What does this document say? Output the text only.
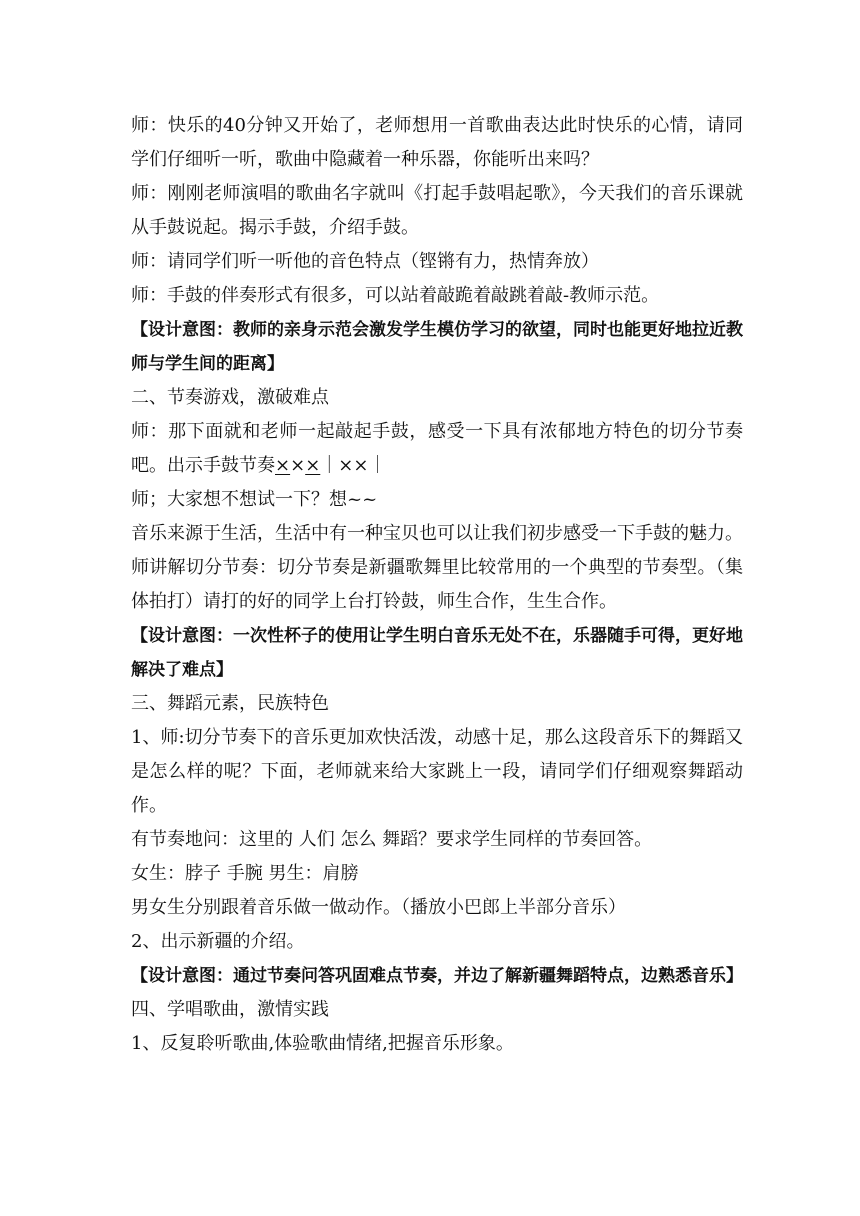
师：快乐的40分钟又开始了，老师想用一首歌曲表达此时快乐的心情，请同学们仔细听一听，歌曲中隐藏着一种乐器，你能听出来吗？

师：刚刚老师演唱的歌曲名字就叫《打起手鼓唱起歌》，今天我们的音乐课就从手鼓说起。揭示手鼓，介绍手鼓。

师：请同学们听一听他的音色特点（铿锵有力，热情奔放）

师：手鼓的伴奏形式有很多，可以站着敲跪着敲跳着敲-教师示范。

【设计意图：教师的亲身示范会激发学生模仿学习的欲望，同时也能更好地拉近教师与学生间的距离】

二、节奏游戏，激破难点

师：那下面就和老师一起敲起手鼓，感受一下具有浓郁地方特色的切分节奏吧。出示手鼓节奏×××｜××｜

师；大家想不想试一下？想~~

音乐来源于生活，生活中有一种宝贝也可以让我们初步感受一下手鼓的魅力。

师讲解切分节奏：切分节奏是新疆歌舞里比较常用的一个典型的节奏型。（集体拍打）请打的好的同学上台打铃鼓，师生合作，生生合作。

【设计意图：一次性杯子的使用让学生明白音乐无处不在，乐器随手可得，更好地解决了难点】

三、舞蹈元素，民族特色

1、师:切分节奏下的音乐更加欢快活泼，动感十足，那么这段音乐下的舞蹈又是怎么样的呢？下面，老师就来给大家跳上一段，请同学们仔细观察舞蹈动作。

有节奏地问：这里的 人们 怎么 舞蹈？要求学生同样的节奏回答。

女生：脖子 手腕 男生：肩膀

男女生分别跟着音乐做一做动作。（播放小巴郎上半部分音乐）

2、出示新疆的介绍。

【设计意图：通过节奏问答巩固难点节奏，并边了解新疆舞蹈特点，边熟悉音乐】

四、学唱歌曲，激情实践

1、反复聆听歌曲,体验歌曲情绪,把握音乐形象。
